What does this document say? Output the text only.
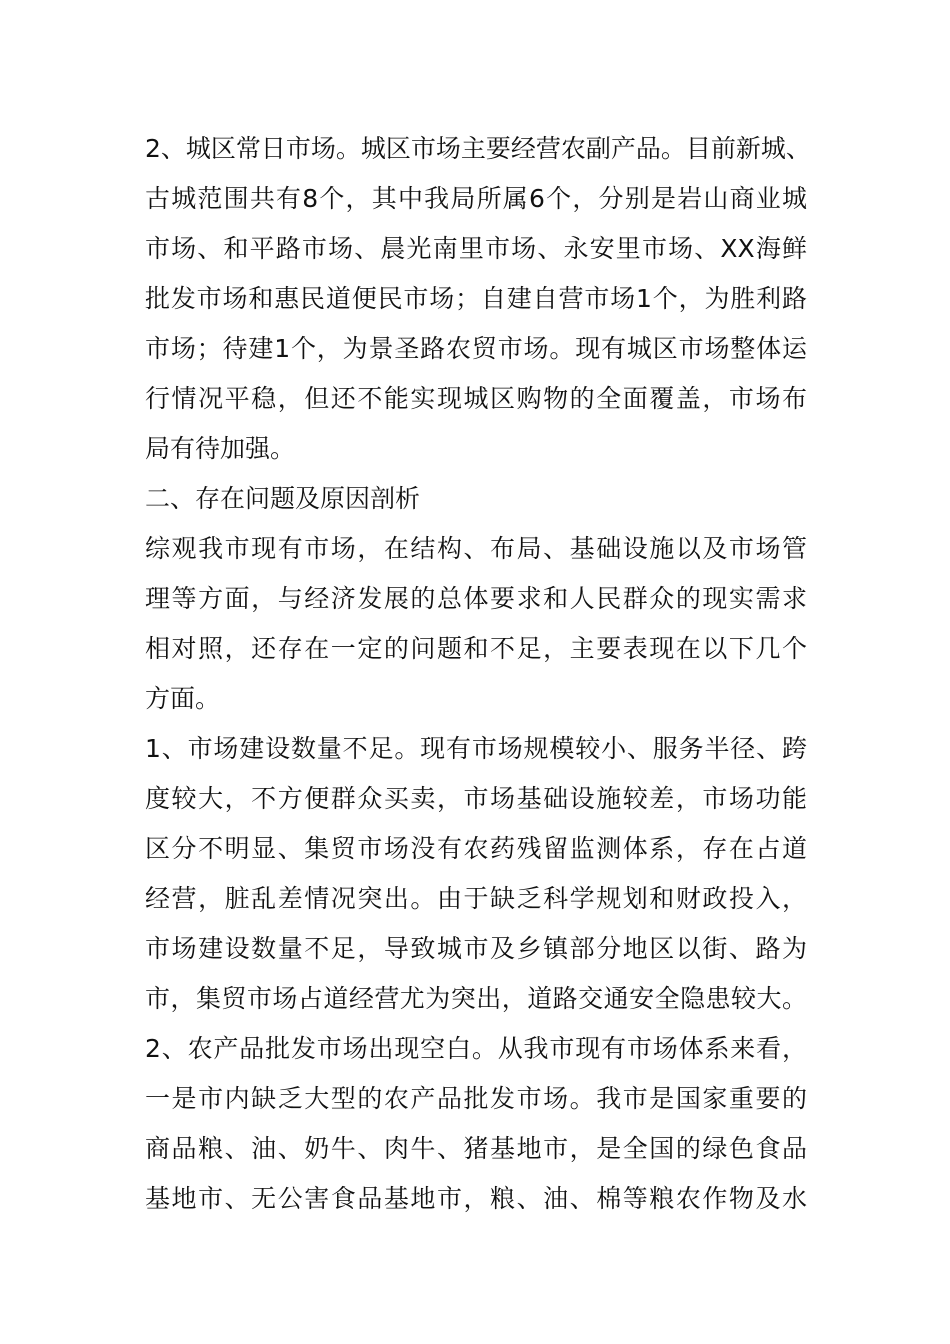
2、城区常日市场。城区市场主要经营农副产品。目前新城、
古城范围共有8个，其中我局所属6个，分别是岩山商业城
市场、和平路市场、晨光南里市场、永安里市场、XX海鲜
批发市场和惠民道便民市场；自建自营市场1个，为胜利路
市场；待建1个，为景圣路农贸市场。现有城区市场整体运
行情况平稳，但还不能实现城区购物的全面覆盖，市场布
局有待加强。
二、存在问题及原因剖析
综观我市现有市场，在结构、布局、基础设施以及市场管
理等方面，与经济发展的总体要求和人民群众的现实需求
相对照，还存在一定的问题和不足，主要表现在以下几个
方面。
1、市场建设数量不足。现有市场规模较小、服务半径、跨
度较大，不方便群众买卖，市场基础设施较差，市场功能
区分不明显、集贸市场没有农药残留监测体系，存在占道
经营，脏乱差情况突出。由于缺乏科学规划和财政投入，
市场建设数量不足，导致城市及乡镇部分地区以街、路为
市，集贸市场占道经营尤为突出，道路交通安全隐患较大。
2、农产品批发市场出现空白。从我市现有市场体系来看，
一是市内缺乏大型的农产品批发市场。我市是国家重要的
商品粮、油、奶牛、肉牛、猪基地市，是全国的绿色食品
基地市、无公害食品基地市，粮、油、棉等粮农作物及水
